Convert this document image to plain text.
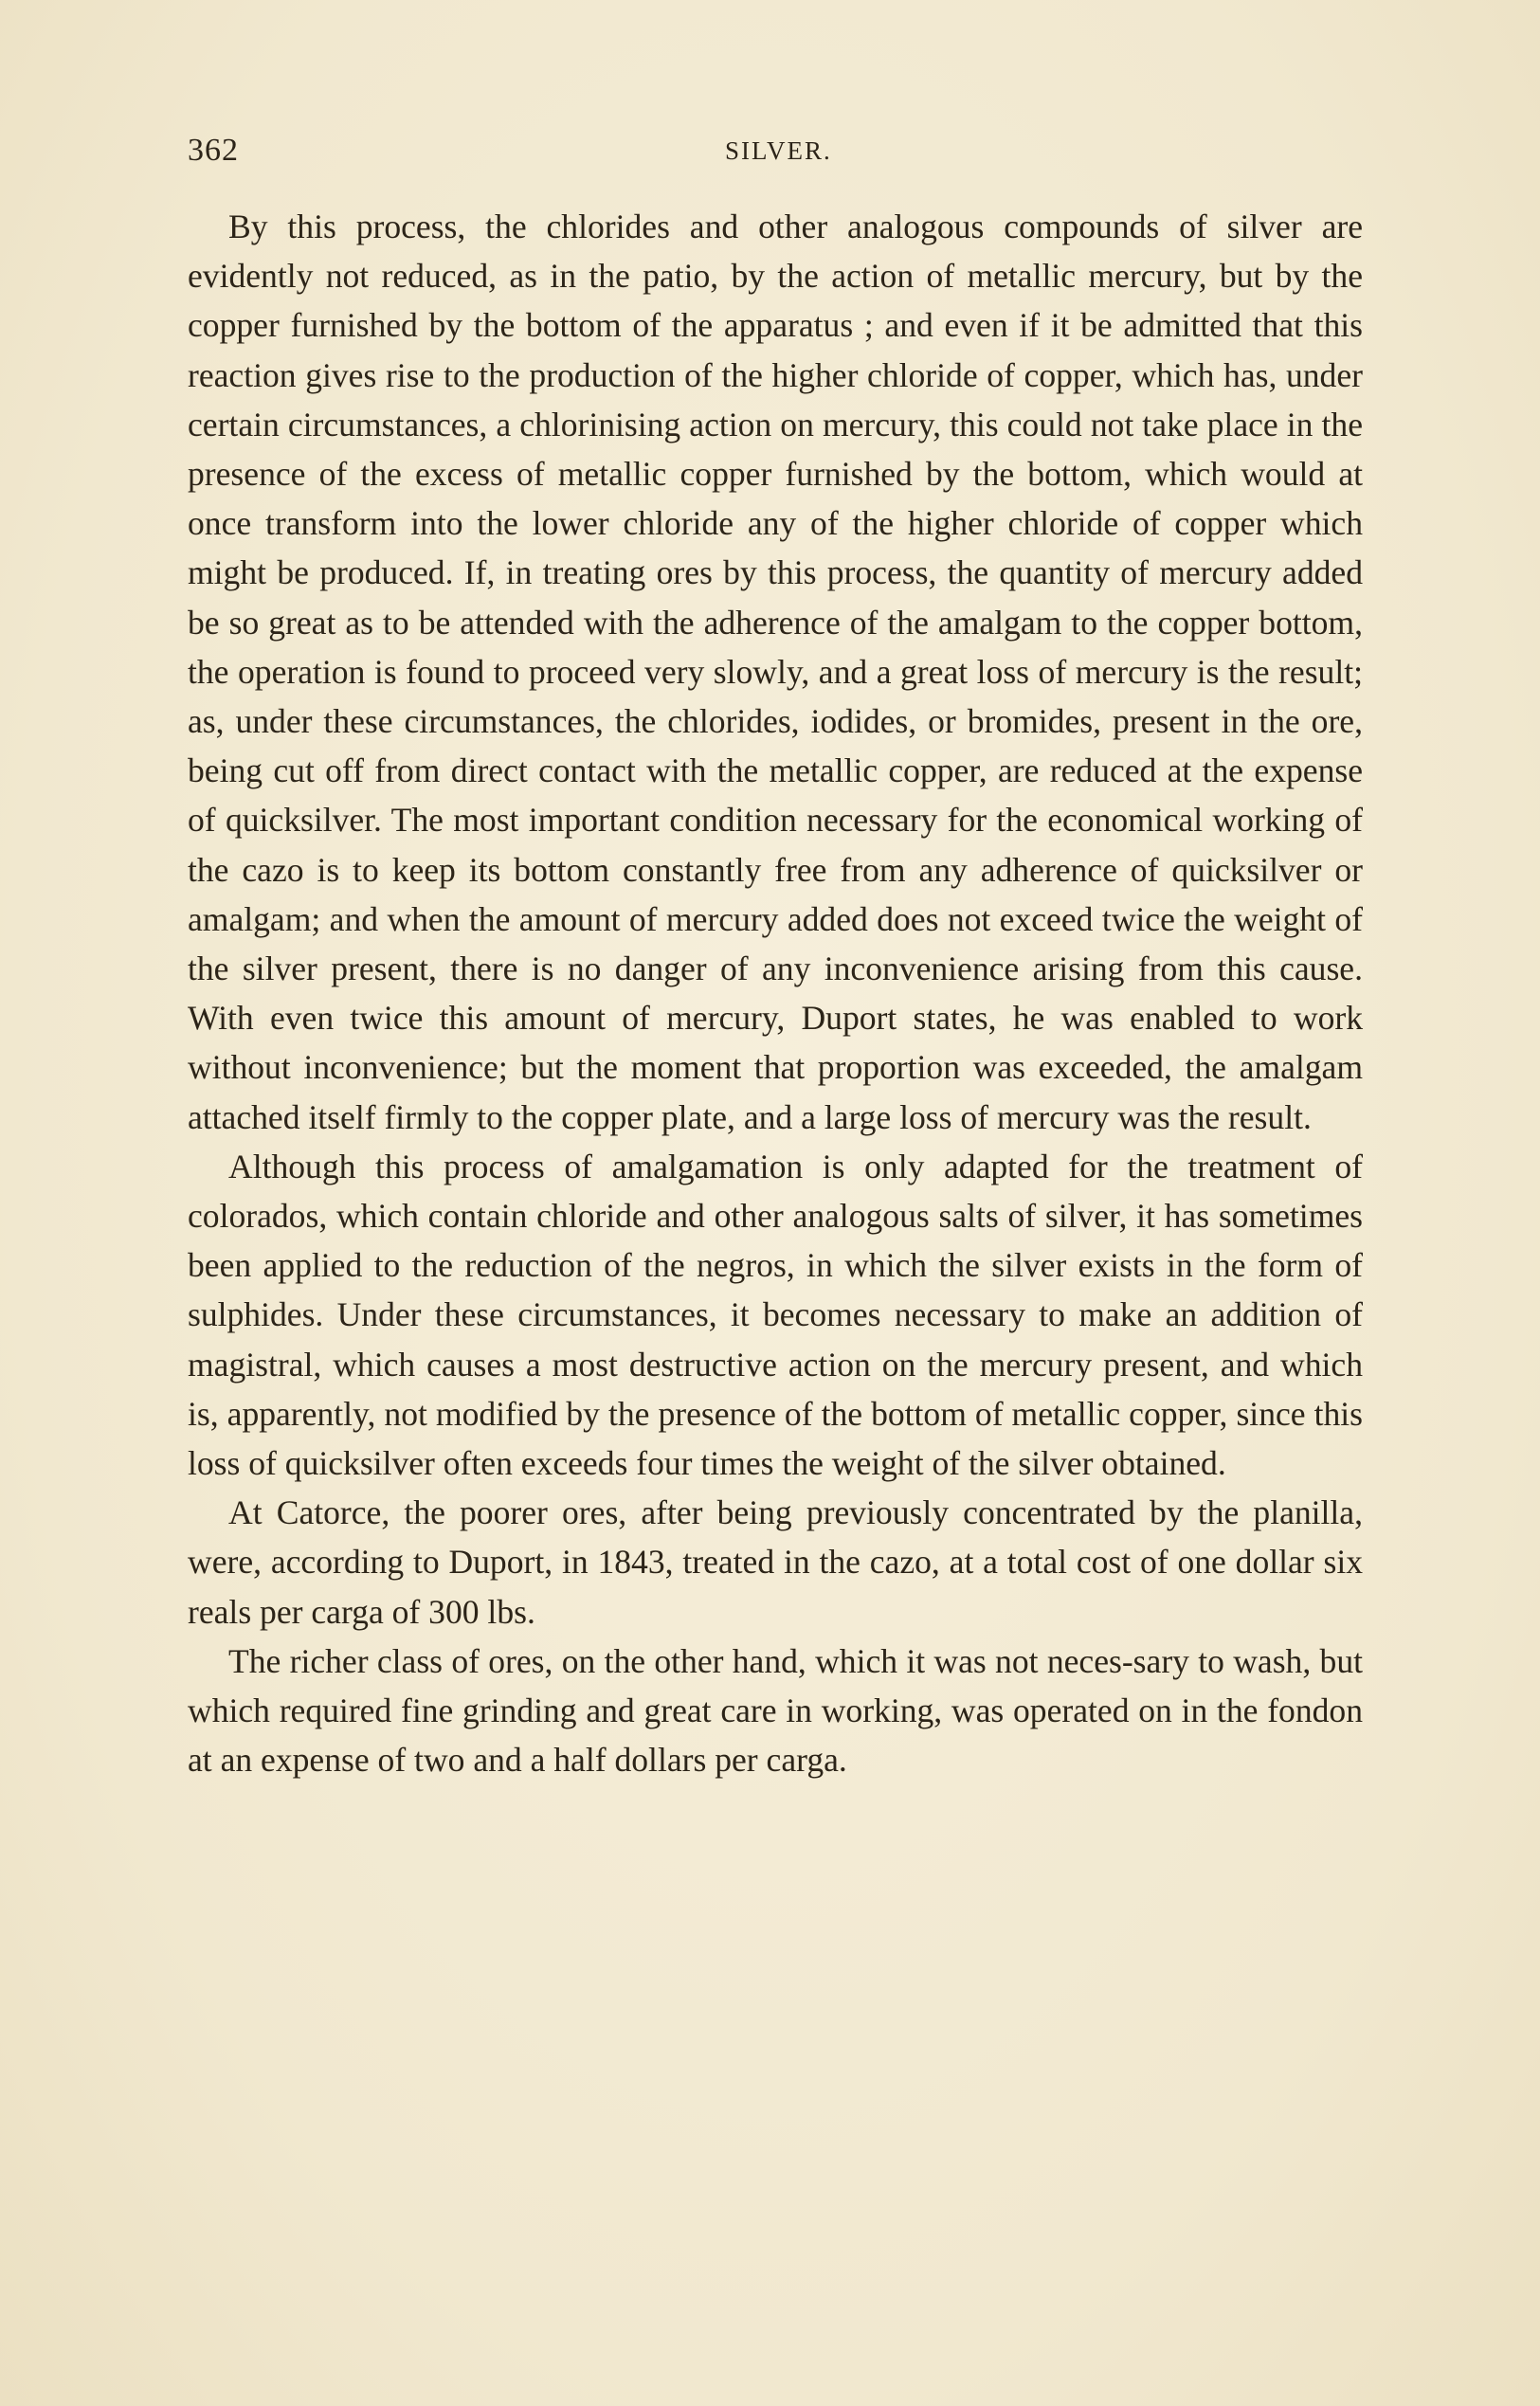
362	SILVER.

By this process, the chlorides and other analogous compounds of silver are evidently not reduced, as in the patio, by the action of metallic mercury, but by the copper furnished by the bottom of the apparatus ; and even if it be admitted that this reaction gives rise to the production of the higher chloride of copper, which has, under certain circumstances, a chlorinising action on mercury, this could not take place in the presence of the excess of metallic copper furnished by the bottom, which would at once transform into the lower chloride any of the higher chloride of copper which might be produced. If, in treating ores by this process, the quantity of mercury added be so great as to be attended with the adherence of the amalgam to the copper bottom, the operation is found to proceed very slowly, and a great loss of mercury is the result; as, under these circumstances, the chlorides, iodides, or bromides, present in the ore, being cut off from direct contact with the metallic copper, are reduced at the expense of quicksilver. The most important condition necessary for the economical working of the cazo is to keep its bottom constantly free from any adherence of quicksilver or amalgam; and when the amount of mercury added does not exceed twice the weight of the silver present, there is no danger of any inconvenience arising from this cause. With even twice this amount of mercury, Duport states, he was enabled to work without inconvenience; but the moment that proportion was exceeded, the amalgam attached itself firmly to the copper plate, and a large loss of mercury was the result.

Although this process of amalgamation is only adapted for the treatment of colorados, which contain chloride and other analogous salts of silver, it has sometimes been applied to the reduction of the negros, in which the silver exists in the form of sulphides. Under these circumstances, it becomes necessary to make an addition of magistral, which causes a most destructive action on the mercury present, and which is, apparently, not modified by the presence of the bottom of metallic copper, since this loss of quicksilver often exceeds four times the weight of the silver obtained.

At Catorce, the poorer ores, after being previously concentrated by the planilla, were, according to Duport, in 1843, treated in the cazo, at a total cost of one dollar six reals per carga of 300 lbs.

The richer class of ores, on the other hand, which it was not neces-sary to wash, but which required fine grinding and great care in working, was operated on in the fondon at an expense of two and a half dollars per carga.
